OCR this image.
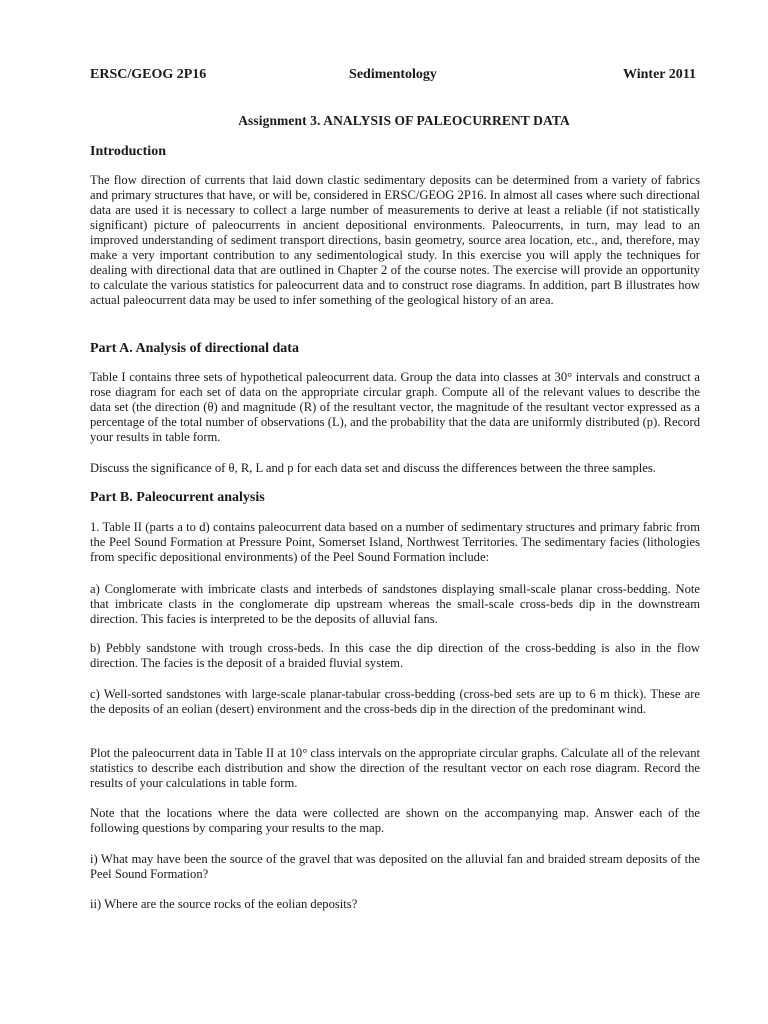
ERSC/GEOG 2P16	Sedimentology	Winter 2011
Assignment 3. ANALYSIS OF PALEOCURRENT DATA
Introduction
The flow direction of currents that laid down clastic sedimentary deposits can be determined from a variety of fabrics and primary structures that have, or will be, considered in ERSC/GEOG 2P16. In almost all cases where such directional data are used it is necessary to collect a large number of measurements to derive at least a reliable (if not statistically significant) picture of paleocurrents in ancient depositional environments. Paleocurrents, in turn, may lead to an improved understanding of sediment transport directions, basin geometry, source area location, etc., and, therefore, may make a very important contribution to any sedimentological study. In this exercise you will apply the techniques for dealing with directional data that are outlined in Chapter 2 of the course notes. The exercise will provide an opportunity to calculate the various statistics for paleocurrent data and to construct rose diagrams. In addition, part B illustrates how actual paleocurrent data may be used to infer something of the geological history of an area.
Part A. Analysis of directional data
Table I contains three sets of hypothetical paleocurrent data. Group the data into classes at 30° intervals and construct a rose diagram for each set of data on the appropriate circular graph. Compute all of the relevant values to describe the data set (the direction (θ) and magnitude (R) of the resultant vector, the magnitude of the resultant vector expressed as a percentage of the total number of observations (L), and the probability that the data are uniformly distributed (p). Record your results in table form.
Discuss the significance of θ, R, L and p for each data set and discuss the differences between the three samples.
Part B. Paleocurrent analysis
1. Table II (parts a to d) contains paleocurrent data based on a number of sedimentary structures and primary fabric from the Peel Sound Formation at Pressure Point, Somerset Island, Northwest Territories. The sedimentary facies (lithologies from specific depositional environments) of the Peel Sound Formation include:
a) Conglomerate with imbricate clasts and interbeds of sandstones displaying small-scale planar cross-bedding. Note that imbricate clasts in the conglomerate dip upstream whereas the small-scale cross-beds dip in the downstream direction. This facies is interpreted to be the deposits of alluvial fans.
b) Pebbly sandstone with trough cross-beds. In this case the dip direction of the cross-bedding is also in the flow direction. The facies is the deposit of a braided fluvial system.
c) Well-sorted sandstones with large-scale planar-tabular cross-bedding (cross-bed sets are up to 6 m thick). These are the deposits of an eolian (desert) environment and the cross-beds dip in the direction of the predominant wind.
Plot the paleocurrent data in Table II at 10° class intervals on the appropriate circular graphs. Calculate all of the relevant statistics to describe each distribution and show the direction of the resultant vector on each rose diagram. Record the results of your calculations in table form.
Note that the locations where the data were collected are shown on the accompanying map. Answer each of the following questions by comparing your results to the map.
i) What may have been the source of the gravel that was deposited on the alluvial fan and braided stream deposits of the Peel Sound Formation?
ii) Where are the source rocks of the eolian deposits?
